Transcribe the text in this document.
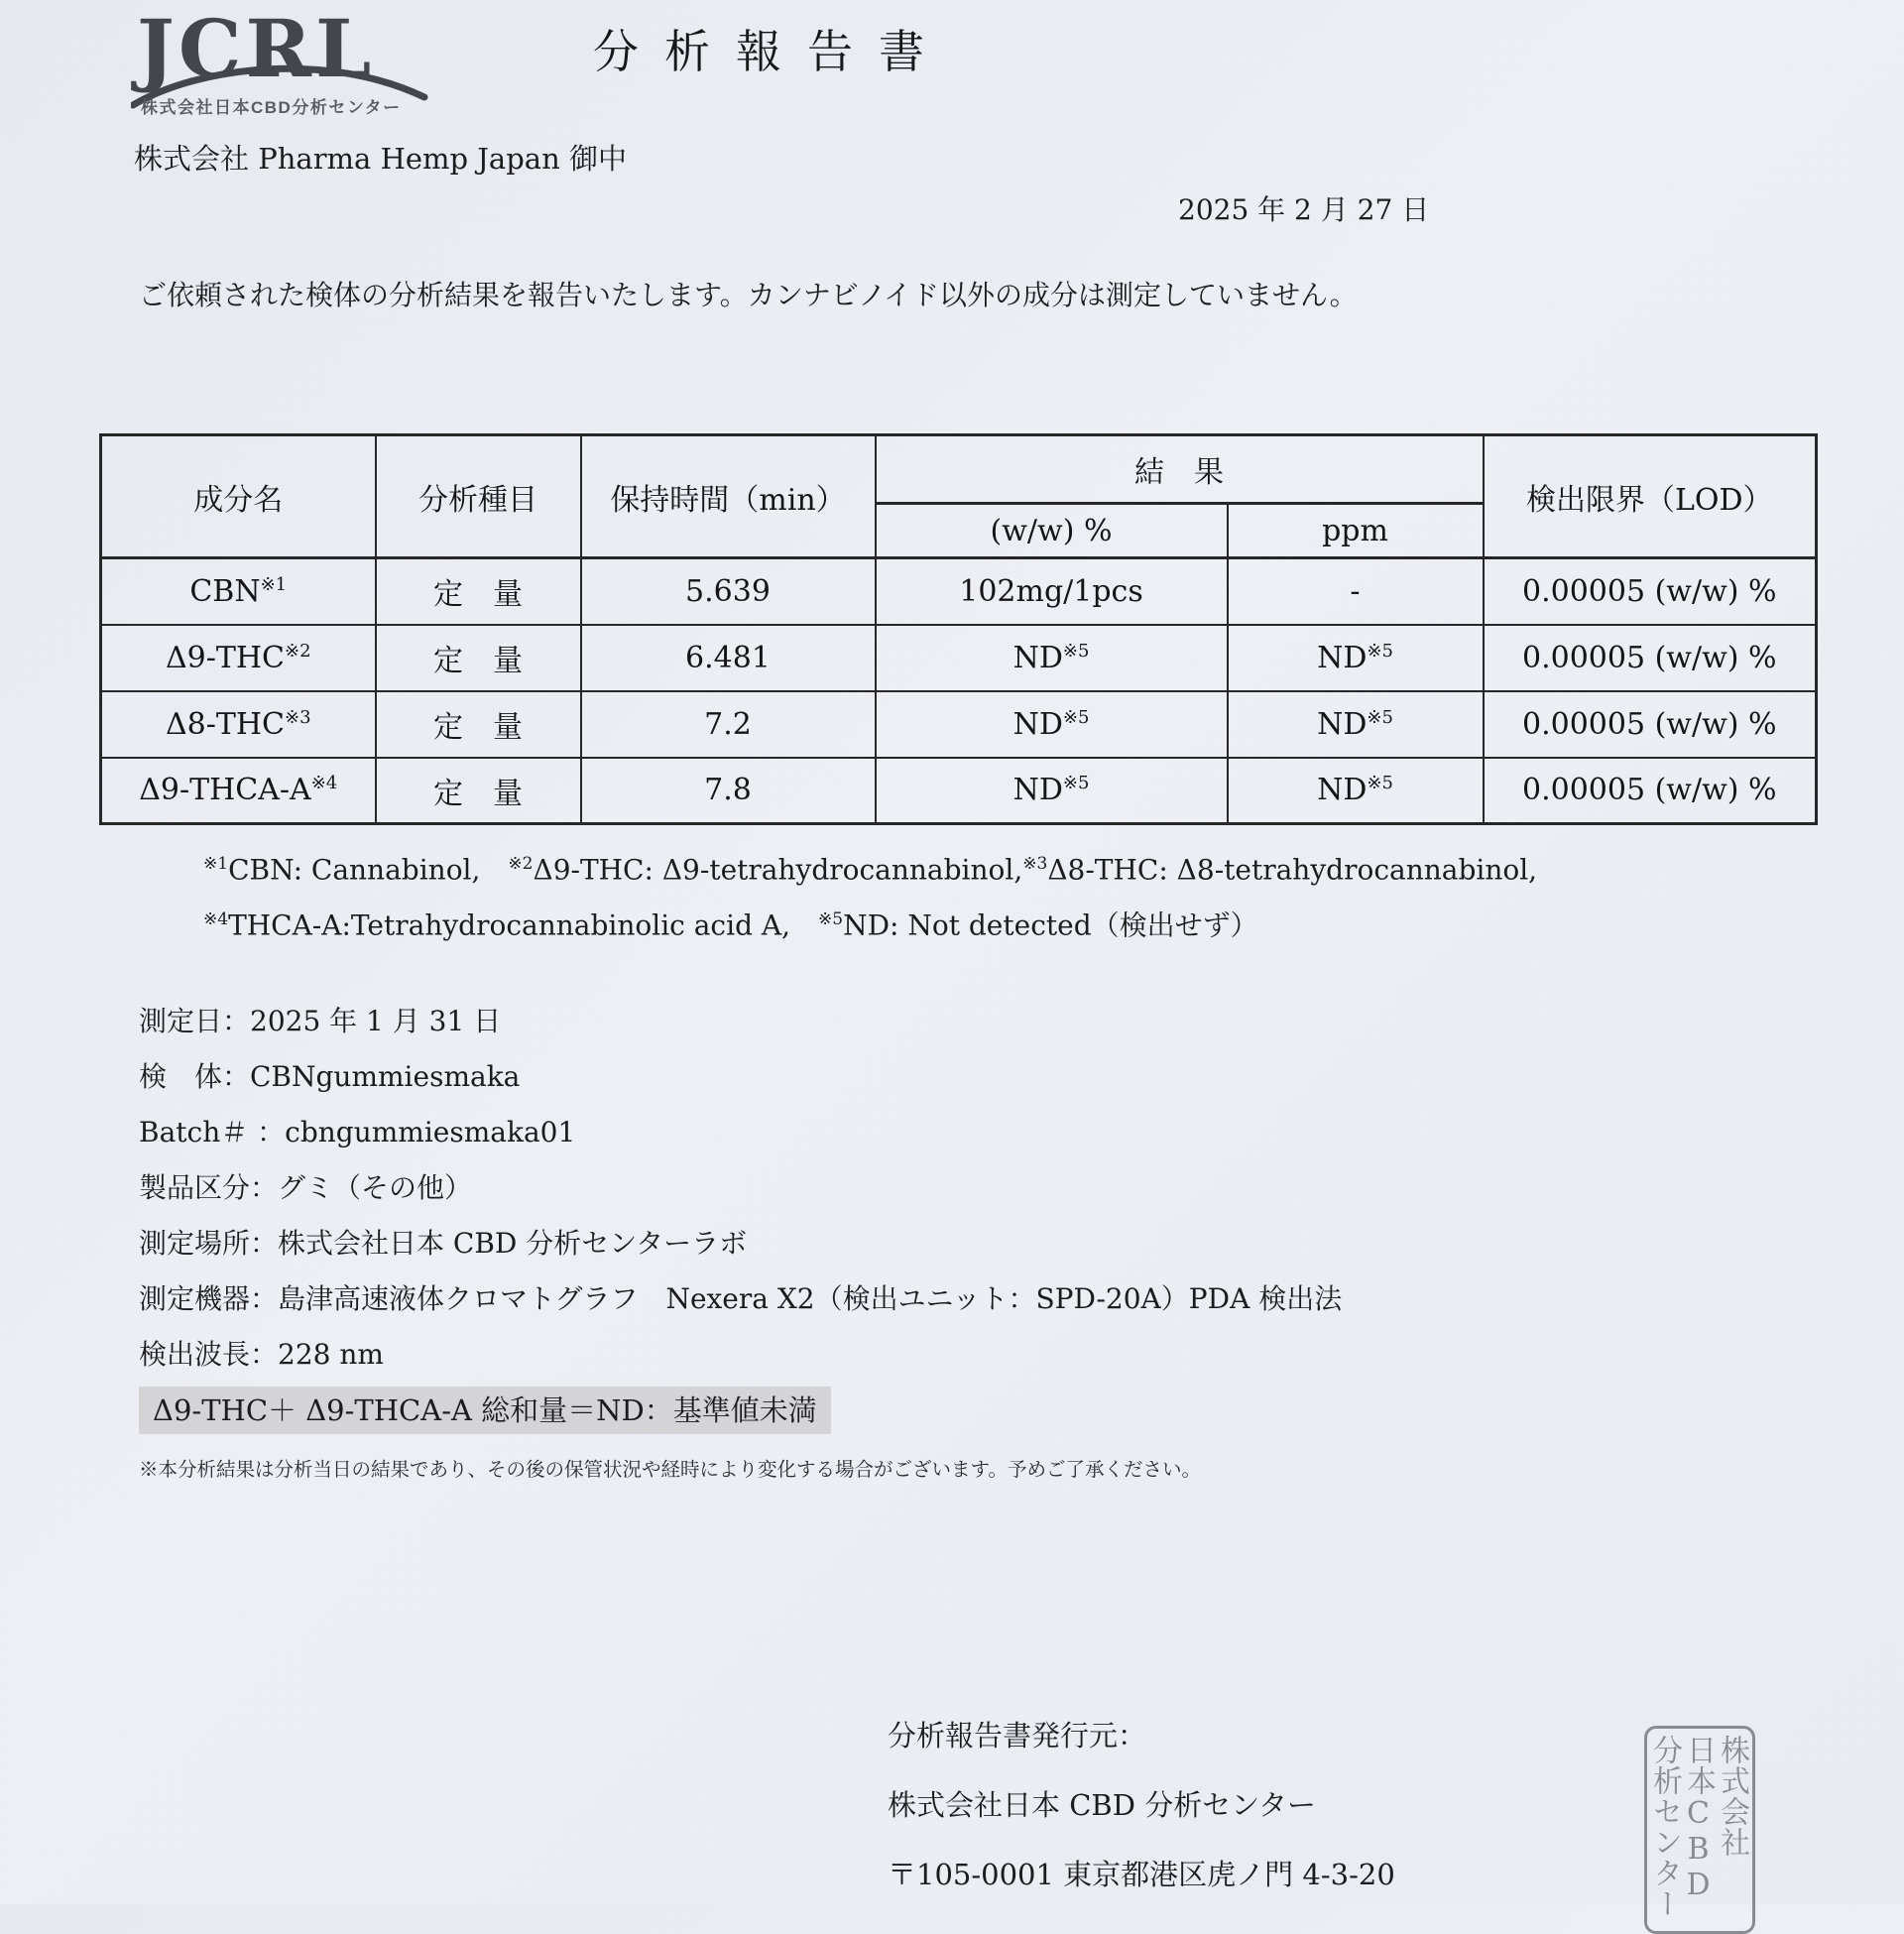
JCRL
株式会社日本CBD分析センター
分析報告書
株式会社 Pharma Hemp Japan 御中
2025 年 2 月 27 日
ご依頼された検体の分析結果を報告いたします。カンナビノイド以外の成分は測定していません。
成分名	分析種目	保持時間（min）	結　果		検出限界（LOD）
			(w/w) %	ppm	
CBN$^{※1}$	定　量	5.639	102mg/1pcs	-	0.00005 (w/w) %
Δ9-THC$^{※2}$	定　量	6.481	ND$^{※5}$	ND$^{※5}$	0.00005 (w/w) %
Δ8-THC$^{※3}$	定　量	7.2	ND$^{※5}$	ND$^{※5}$	0.00005 (w/w) %
Δ9-THCA-A$^{※4}$	定　量	7.8	ND$^{※5}$	ND$^{※5}$	0.00005 (w/w) %
$^{※1}$CBN: Cannabinol,　$^{※2}$Δ9-THC: Δ9-tetrahydrocannabinol,$^{※3}$Δ8-THC: Δ8-tetrahydrocannabinol,
$^{※4}$THCA-A:Tetrahydrocannabinolic acid A,　$^{※5}$ND: Not detected（検出せず）
測定日：2025 年 1 月 31 日
検　体：CBNgummiesmaka
Batch＃ ：cbngummiesmaka01
製品区分：グミ（その他）
測定場所：株式会社日本 CBD 分析センターラボ
測定機器：島津高速液体クロマトグラフ　Nexera X2（検出ユニット：SPD-20A）PDA 検出法
検出波長：228 nm
Δ9-THC＋ Δ9-THCA-A 総和量＝ND：基準値未満
※本分析結果は分析当日の結果であり、その後の保管状況や経時により変化する場合がございます。予めご了承ください。
分析報告書発行元：
株式会社日本 CBD 分析センター
〒105-0001 東京都港区虎ノ門 4-3-20
株式会社
日本CBD
分析センター
